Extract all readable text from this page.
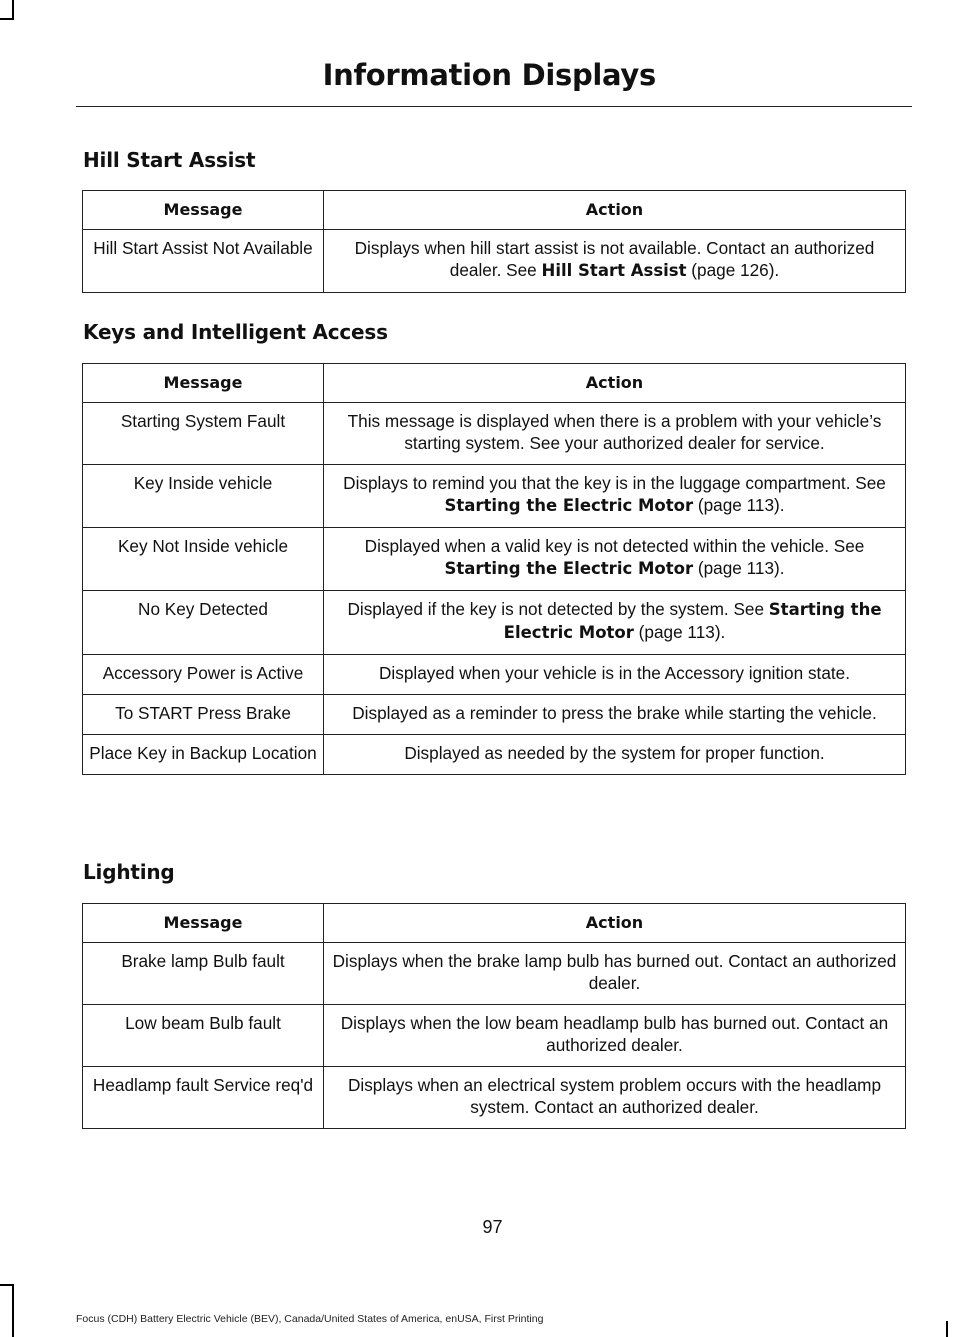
Information Displays
Hill Start Assist
Message	Action
Hill Start Assist Not Available	Displays when hill start assist is not available. Contact an authorized dealer. See Hill Start Assist (page 126).
Keys and Intelligent Access
Message	Action
Starting System Fault	This message is displayed when there is a problem with your vehicle’s starting system. See your authorized dealer for service.
Key Inside vehicle	Displays to remind you that the key is in the luggage compartment. See Starting the Electric Motor (page 113).
Key Not Inside vehicle	Displayed when a valid key is not detected within the vehicle. See Starting the Electric Motor (page 113).
No Key Detected	Displayed if the key is not detected by the system. See Starting the Electric Motor (page 113).
Accessory Power is Active	Displayed when your vehicle is in the Accessory ignition state.
To START Press Brake	Displayed as a reminder to press the brake while starting the vehicle.
Place Key in Backup Location	Displayed as needed by the system for proper function.
Lighting
Message	Action
Brake lamp Bulb fault	Displays when the brake lamp bulb has burned out. Contact an authorized dealer.
Low beam Bulb fault	Displays when the low beam headlamp bulb has burned out. Contact an authorized dealer.
Headlamp fault Service req'd	Displays when an electrical system problem occurs with the headlamp system. Contact an authorized dealer.
97
Focus (CDH) Battery Electric Vehicle (BEV), Canada/United States of America, enUSA, First Printing
